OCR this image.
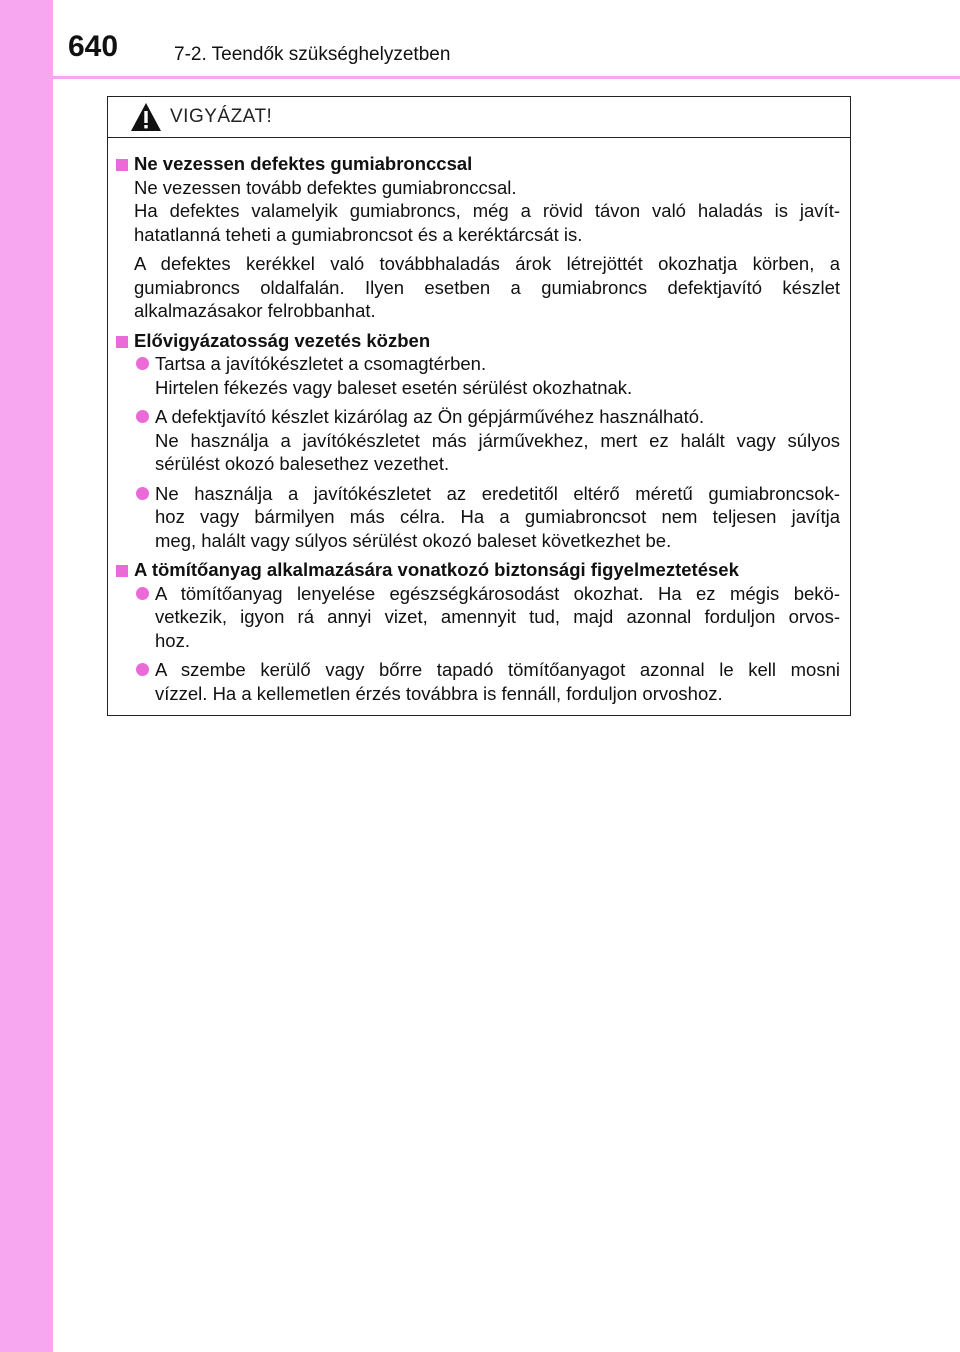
640	7-2. Teendők szükséghelyzetben
VIGYÁZAT!
Ne vezessen defektes gumiabronccsal
Ne vezessen tovább defektes gumiabronccsal.
Ha defektes valamelyik gumiabroncs, még a rövid távon való haladás is javít-
hatatlanná teheti a gumiabroncsot és a keréktárcsát is.
A defektes kerékkel való továbbhaladás árok létrejöttét okozhatja körben, a
gumiabroncs oldalfalán. Ilyen esetben a gumiabroncs defektjavító készlet
alkalmazásakor felrobbanhat.
Elővigyázatosság vezetés közben
Tartsa a javítókészletet a csomagtérben.
Hirtelen fékezés vagy baleset esetén sérülést okozhatnak.
A defektjavító készlet kizárólag az Ön gépjárművéhez használható.
Ne használja a javítókészletet más járművekhez, mert ez halált vagy súlyos
sérülést okozó balesethez vezethet.
Ne használja a javítókészletet az eredetitől eltérő méretű gumiabroncsok-
hoz vagy bármilyen más célra. Ha a gumiabroncsot nem teljesen javítja
meg, halált vagy súlyos sérülést okozó baleset következhet be.
A tömítőanyag alkalmazására vonatkozó biztonsági figyelmeztetések
A tömítőanyag lenyelése egészségkárosodást okozhat. Ha ez mégis bekö-
vetkezik, igyon rá annyi vizet, amennyit tud, majd azonnal forduljon orvos-
hoz.
A szembe kerülő vagy bőrre tapadó tömítőanyagot azonnal le kell mosni
vízzel. Ha a kellemetlen érzés továbbra is fennáll, forduljon orvoshoz.
